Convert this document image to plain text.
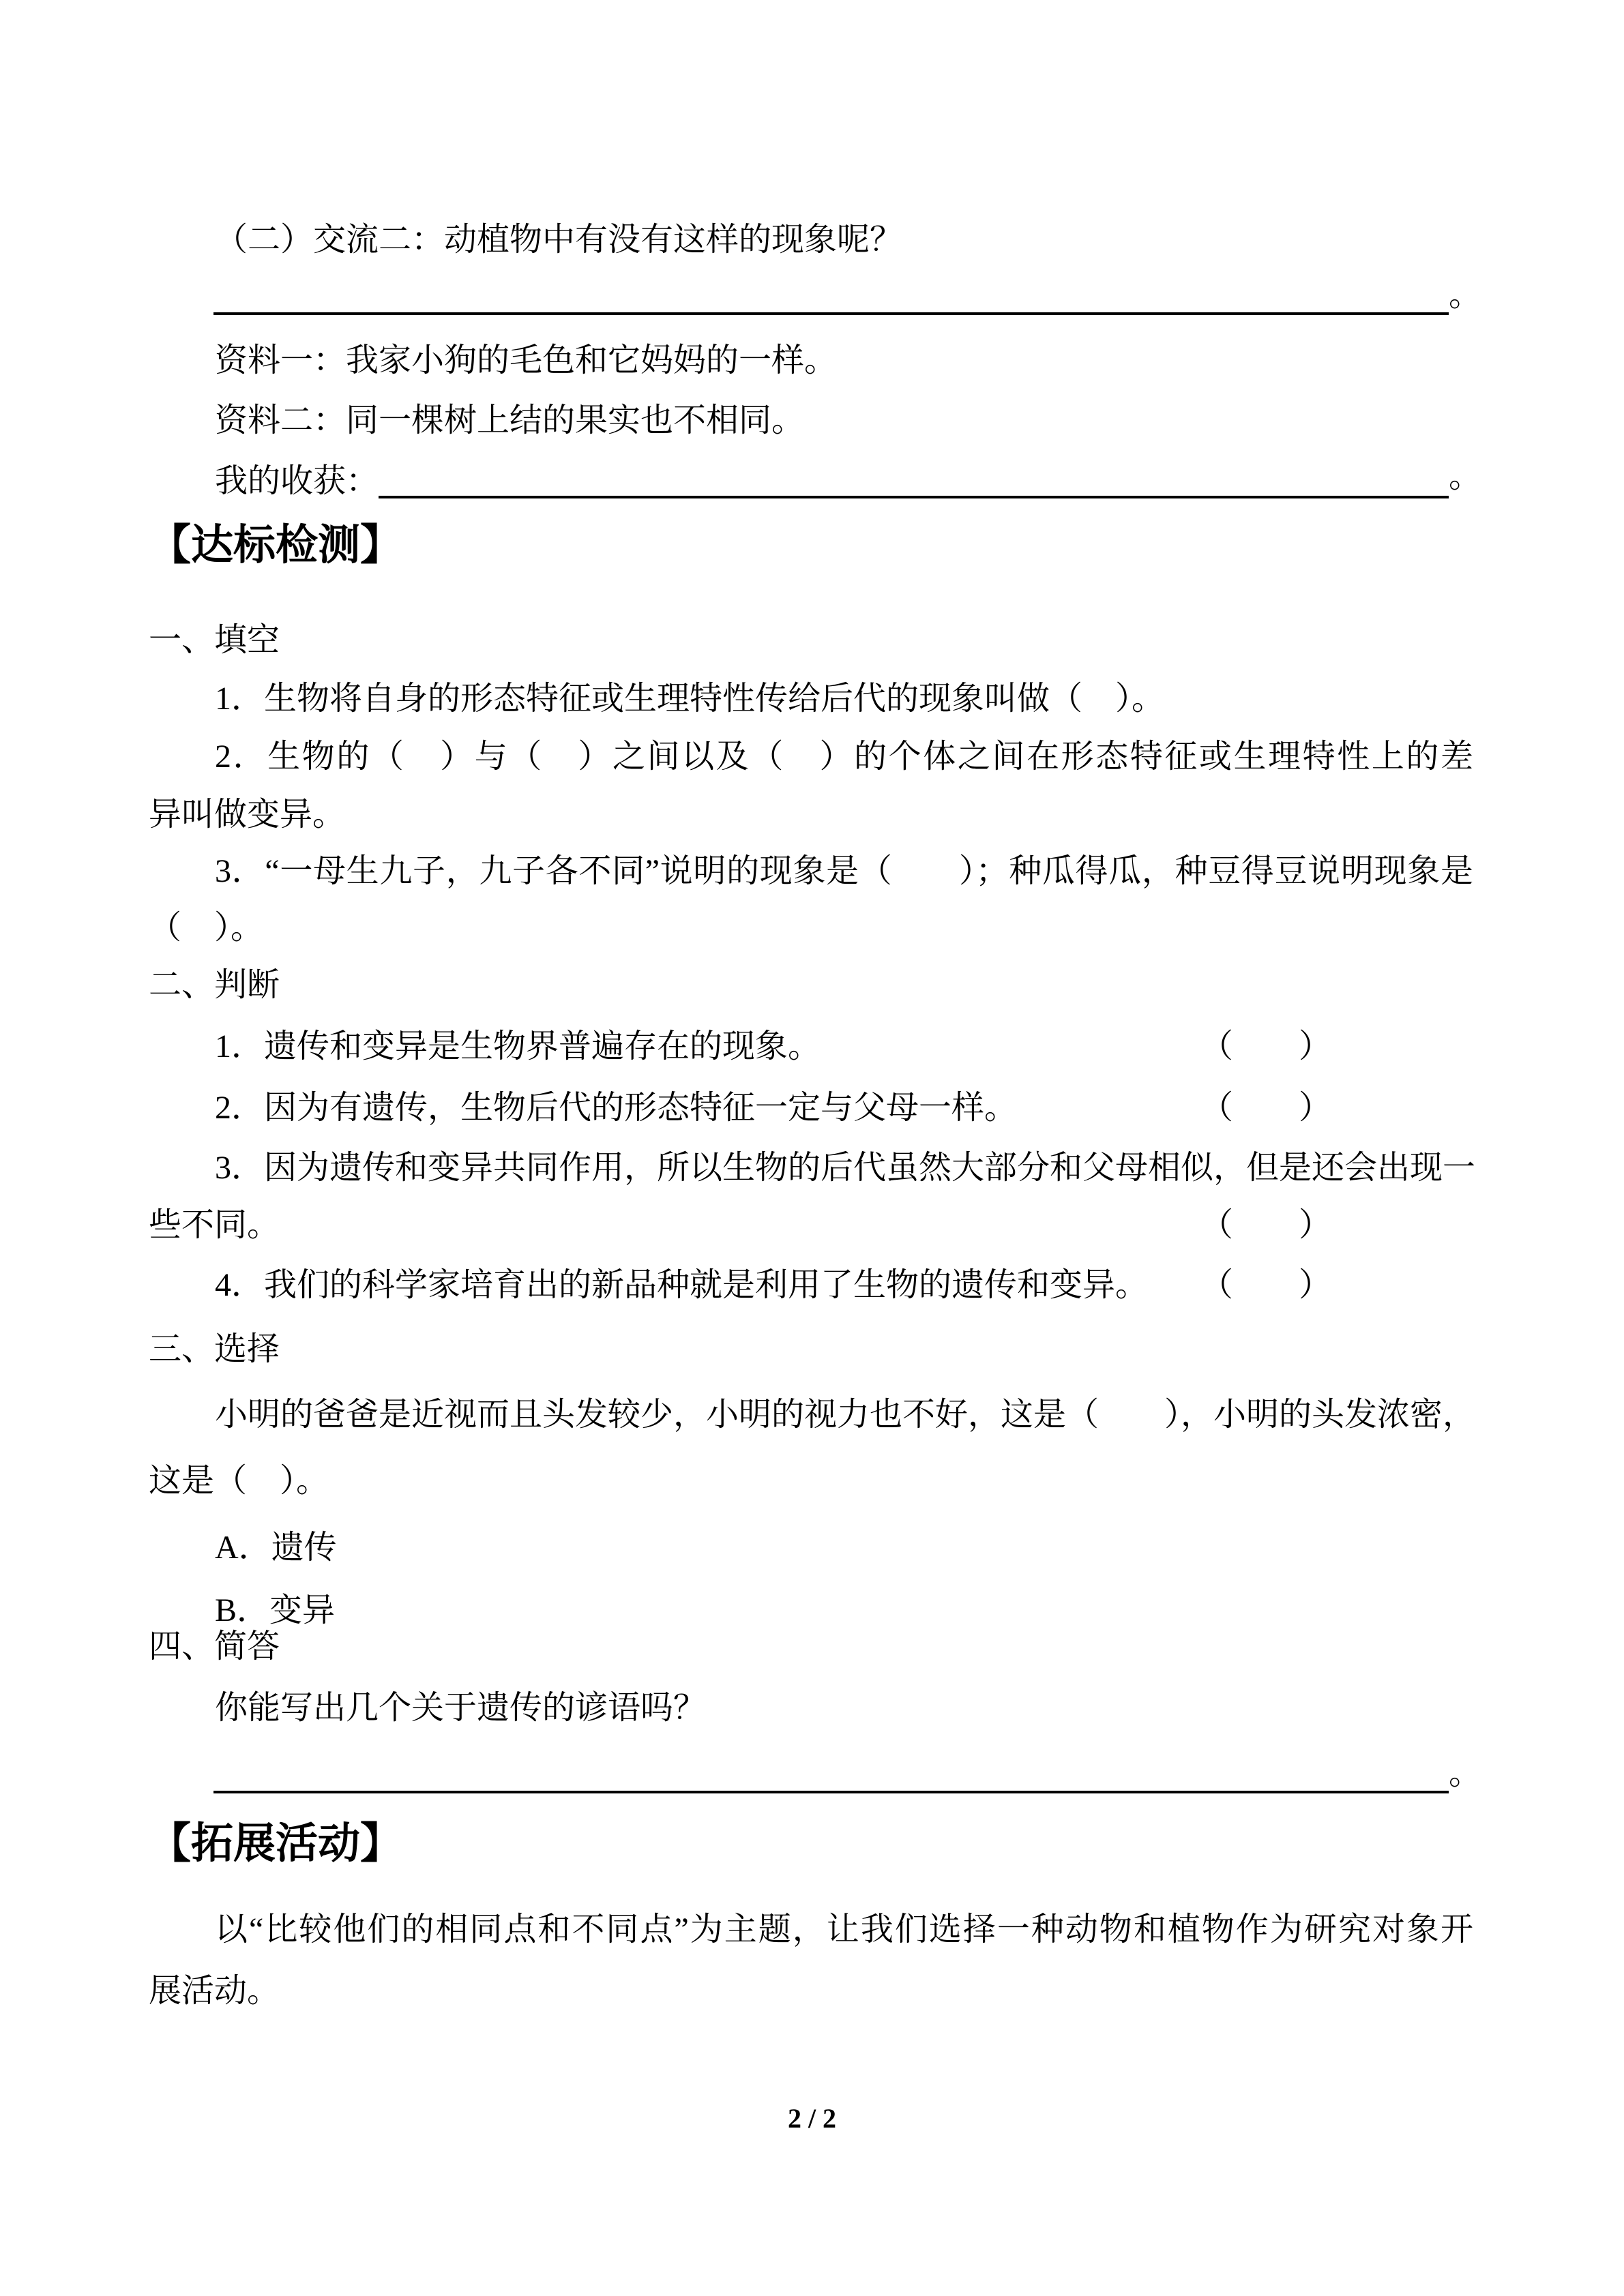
（二）交流二：动植物中有没有这样的现象呢？
。
资料一：我家小狗的毛色和它妈妈的一样。
资料二：同一棵树上结的果实也不相同。
我的收获：	。
【达标检测】
一、填空
1．生物将自身的形态特征或生理特性传给后代的现象叫做（　）。
2．生物的（　）与（　）之间以及（　）的个体之间在形态特征或生理特性上的差
异叫做变异。
3．“一母生九子，九子各不同”说明的现象是（　　）；种瓜得瓜，种豆得豆说明现象是
（　）。
二、判断
1．遗传和变异是生物界普遍存在的现象。	（　　）
2．因为有遗传，生物后代的形态特征一定与父母一样。	（　　）
3．因为遗传和变异共同作用，所以生物的后代虽然大部分和父母相似，但是还会出现一
些不同。	（　　）
4．我们的科学家培育出的新品种就是利用了生物的遗传和变异。 （　　）
三、选择
小明的爸爸是近视而且头发较少，小明的视力也不好，这是（　　），小明的头发浓密，
这是（　）。
A．遗传
B．变异
四、简答
你能写出几个关于遗传的谚语吗？
。
【拓展活动】
以“比较他们的相同点和不同点”为主题，让我们选择一种动物和植物作为研究对象开
展活动。
2 / 2
